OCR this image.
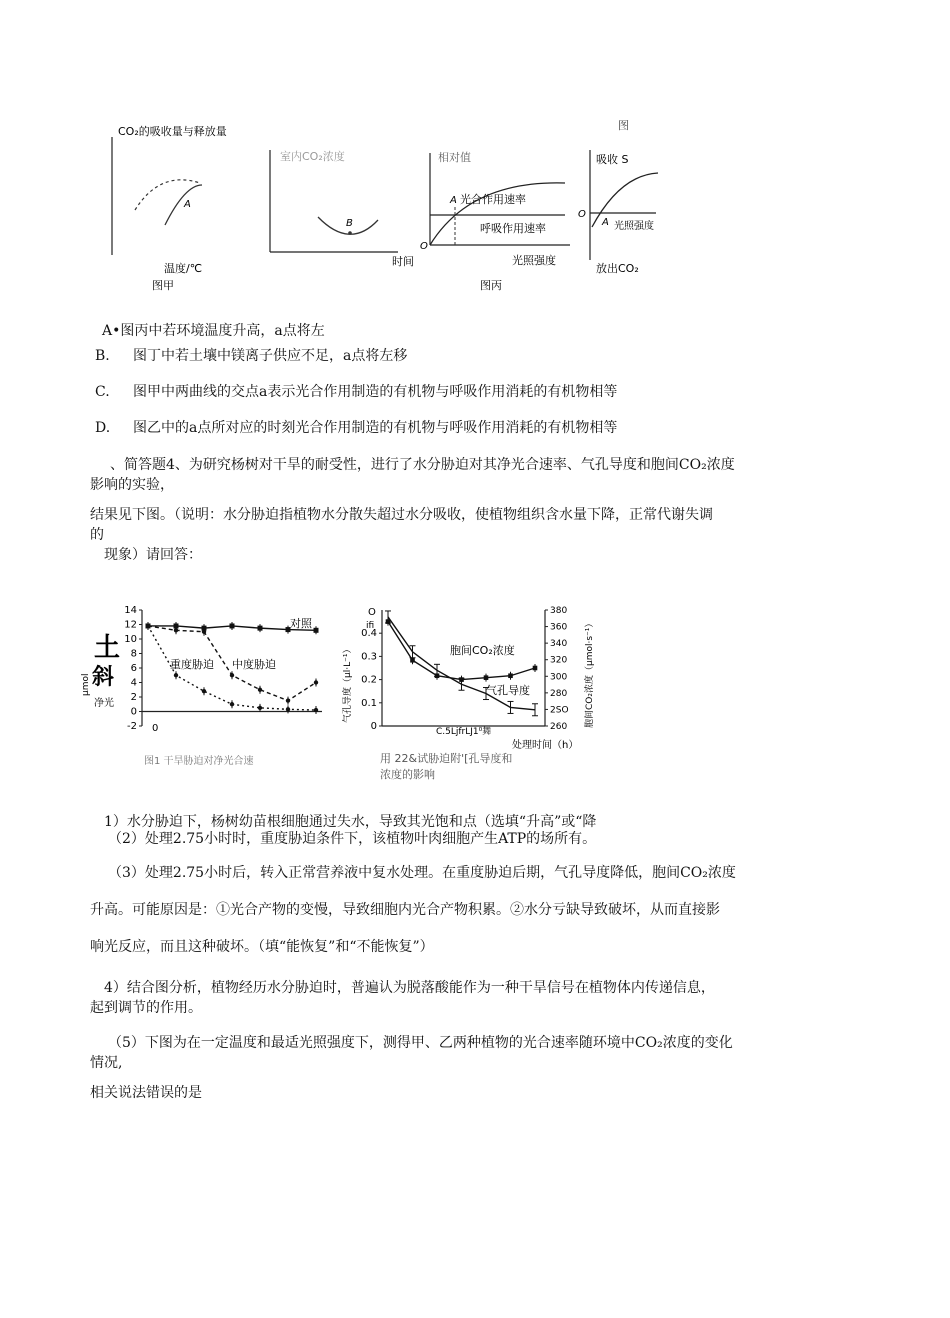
图
CO₂的吸收量与释放量
A
温度/℃
图甲
室内CO₂浓度
B
时间
相对值
光合作用速率
呼吸作用速率
O
A
光照强度
图丙
吸收 S
O
A 光照强度
放出CO₂
A•图丙中若环境温度升高，a点将左
B. 图丁中若土壤中镁离子供应不足，a点将左移
C. 图甲中两曲线的交点a表示光合作用制造的有机物与呼吸作用消耗的有机物相等
D. 图乙中的a点所对应的时刻光合作用制造的有机物与呼吸作用消耗的有机物相等
、简答题4、为研究杨树对干旱的耐受性，进行了水分胁迫对其净光合速率、气孔导度和胞间CO₂浓度
影响的实验，
结果见下图。（说明：水分胁迫指植物水分散失超过水分吸收，使植物组织含水量下降，正常代谢失调
的
现象）请回答：
土
斜
净光
μmol
对照
重度胁迫 中度胁迫
0
图1 干旱胁迫对净光合速
14
12
10
8
6
4
2
0
-2
O
ifi
气孔导度（μl·L⁻¹）	胞间CO₂浓度（μmol·s⁻¹）
胞间CO₂浓度
气孔导度
C.5LjfrLJ1⁰舞
处理时间（h）
用 22&试胁迫附'[孔导度和
浓度的影响
0.4
0.3
0.2
0.1
0
380
360
340
320
300
280
2SO
260
1）水分胁迫下，杨树幼苗根细胞通过失水，导致其光饱和点（选填“升高”或“降
（2）处理2.75小时时，重度胁迫条件下，该植物叶肉细胞产生ATP的场所有。
（3）处理2.75小时后，转入正常营养液中复水处理。在重度胁迫后期，气孔导度降低，胞间CO₂浓度
升高。可能原因是：①光合产物的变慢，导致细胞内光合产物积累。②水分亏缺导致破坏，从而直接影
响光反应，而且这种破坏。（填“能恢复”和“不能恢复”）
4）结合图分析，植物经历水分胁迫时，普遍认为脱落酸能作为一种干旱信号在植物体内传递信息，
起到调节的作用。
（5）下图为在一定温度和最适光照强度下，测得甲、乙两种植物的光合速率随环境中CO₂浓度的变化
情况,
相关说法错误的是
